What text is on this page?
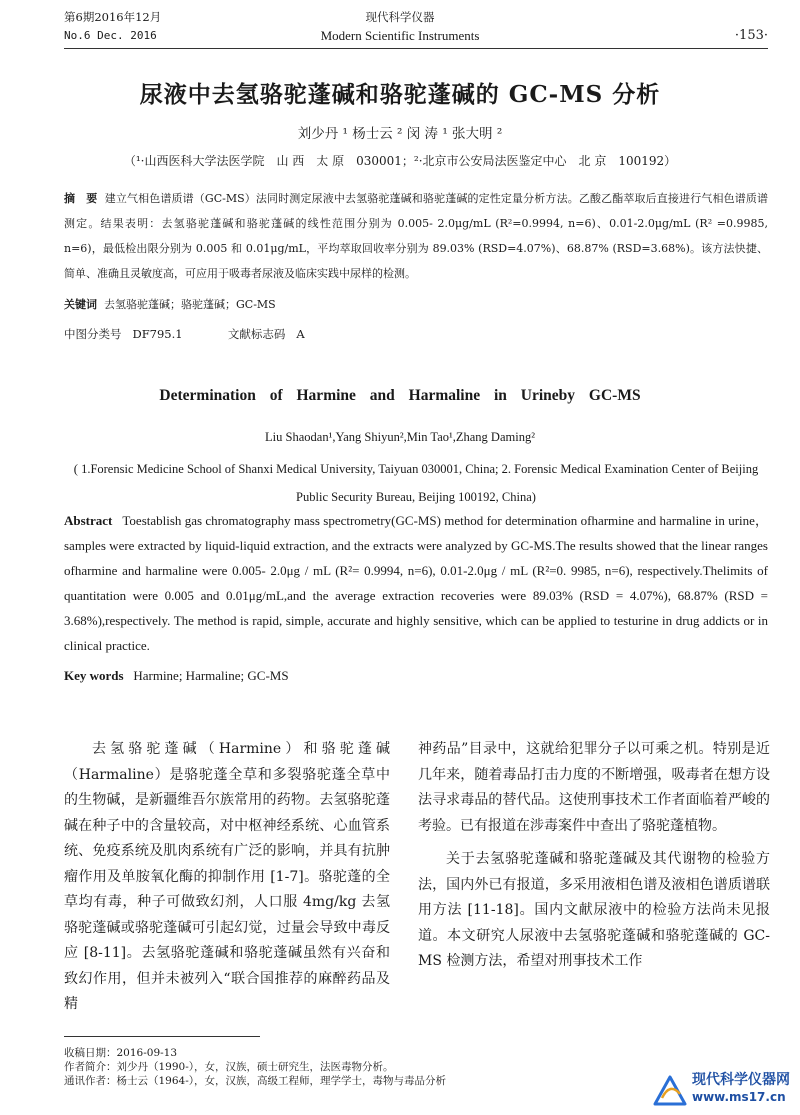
第6期2016年12月
No.6 Dec. 2016
现代科学仪器
Modern Scientific Instruments	·153·
尿液中去氢骆驼蓬碱和骆驼蓬碱的 GC-MS 分析
刘少丹 ¹ 杨士云 ² 闵 涛 ¹ 张大明 ²
（¹·山西医科大学法医学院　山 西　太 原　030001；²·北京市公安局法医鉴定中心　北 京　100192）
摘　要 建立气相色谱质谱（GC-MS）法同时测定尿液中去氢骆驼蓬碱和骆驼蓬碱的定性定量分析方法。乙酸乙酯萃取后直接进行气相色谱质谱测定。结果表明：去氢骆驼蓬碱和骆驼蓬碱的线性范围分别为 0.005- 2.0μg/mL (R²=0.9994, n=6)、0.01-2.0μg/mL (R² =0.9985, n=6)，最低检出限分别为 0.005 和 0.01μg/mL，平均萃取回收率分别为 89.03% (RSD=4.07%)、68.87% (RSD=3.68%)。该方法快捷、简单、准确且灵敏度高，可应用于吸毒者尿液及临床实践中尿样的检测。
关键词 去氢骆驼蓬碱；骆驼蓬碱；GC-MS
中图分类号 DF795.1	文献标志码 A
Determination of Harmine and Harmaline in Urineby GC-MS
Liu Shaodan¹,Yang Shiyun²,Min Tao¹,Zhang Daming²
( 1.Forensic Medicine School of Shanxi Medical University, Taiyuan 030001, China; 2. Forensic Medical Examination Center of Beijing Public Security Bureau, Beijing 100192, China)
Abstract Toestablish gas chromatography mass spectrometry(GC-MS) method for determination ofharmine and harmaline in urine， samples were extracted by liquid-liquid extraction, and the extracts were analyzed by GC-MS.The results showed that the linear ranges ofharmine and harmaline were 0.005- 2.0μg / mL (R²= 0.9994, n=6), 0.01-2.0μg / mL (R²=0. 9985, n=6), respectively.Thelimits of quantitation were 0.005 and 0.01μg/mL,and the average extraction recoveries were 89.03% (RSD = 4.07%), 68.87% (RSD = 3.68%),respectively. The method is rapid, simple, accurate and highly sensitive, which can be applied to testurine in drug addicts or in clinical practice.
Key words Harmine; Harmaline; GC-MS

去氢骆驼蓬碱（Harmine）和骆驼蓬碱（Harmaline）是骆驼蓬全草和多裂骆驼蓬全草中的生物碱，是新疆维吾尔族常用的药物。去氢骆驼蓬碱在种子中的含量较高，对中枢神经系统、心血管系统、免疫系统及肌肉系统有广泛的影响，并具有抗肿瘤作用及单胺氧化酶的抑制作用 [1-7]。骆驼蓬的全草均有毒，种子可做致幻剂，人口服 4mg/kg 去氢骆驼蓬碱或骆驼蓬碱可引起幻觉，过量会导致中毒反应 [8-11]。去氢骆驼蓬碱和骆驼蓬碱虽然有兴奋和致幻作用，但并未被列入“联合国推荐的麻醉药品及精

神药品”目录中，这就给犯罪分子以可乘之机。特别是近几年来，随着毒品打击力度的不断增强，吸毒者在想方设法寻求毒品的替代品。这使刑事技术工作者面临着严峻的考验。已有报道在涉毒案件中查出了骆驼蓬植物。

关于去氢骆驼蓬碱和骆驼蓬碱及其代谢物的检验方法，国内外已有报道，多采用液相色谱及液相色谱质谱联用方法 [11-18]。国内文献尿液中的检验方法尚未见报道。本文研究人尿液中去氢骆驼蓬碱和骆驼蓬碱的 GC-MS 检测方法，希望对刑事技术工作

收稿日期：2016-09-13
作者简介：刘少丹（1990-），女，汉族，硕士研究生，法医毒物分析。
通讯作者：杨士云（1964-），女，汉族，高级工程师，理学学士，毒物与毒品分析	现代科学仪器网
www.ms17.cn
